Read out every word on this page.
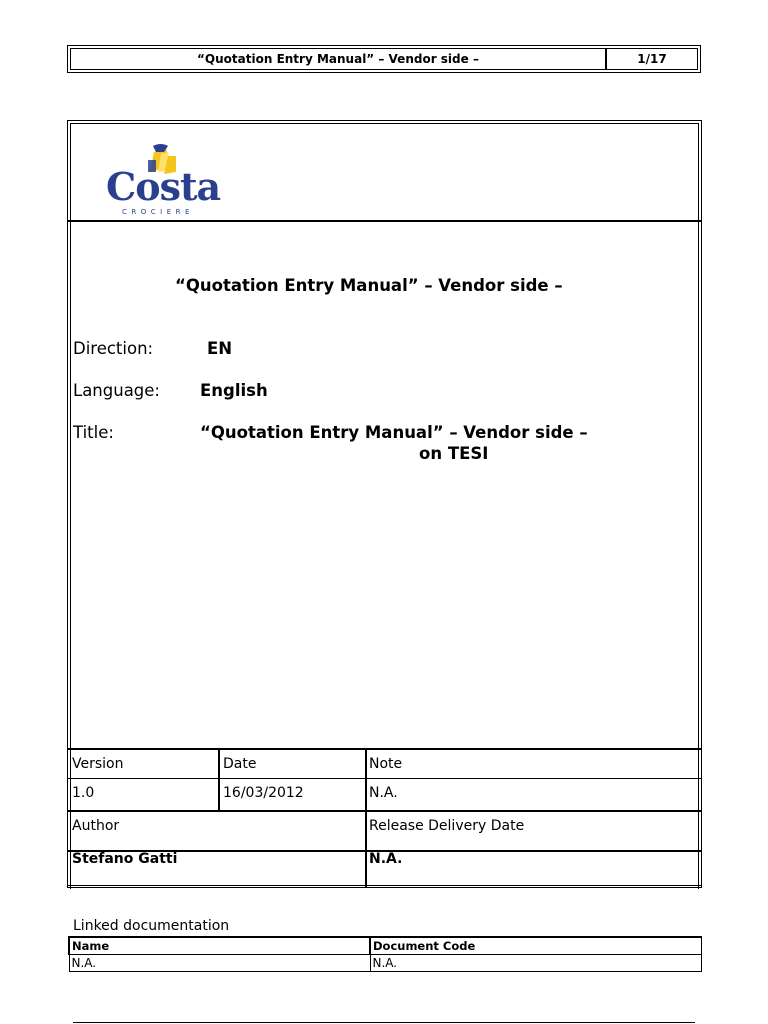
“Quotation Entry Manual” – Vendor side –	1/17
Costa
CROCIERE
“Quotation Entry Manual” – Vendor side –
Direction:	EN
Language: English
Title:	“Quotation Entry Manual” – Vendor side –
on TESI
Version	Date	Note
1.0	16/03/2012	N.A.
Author	Release Delivery Date
Stefano Gatti	N.A.
Linked documentation
Name	Document Code
N.A.	N.A.
